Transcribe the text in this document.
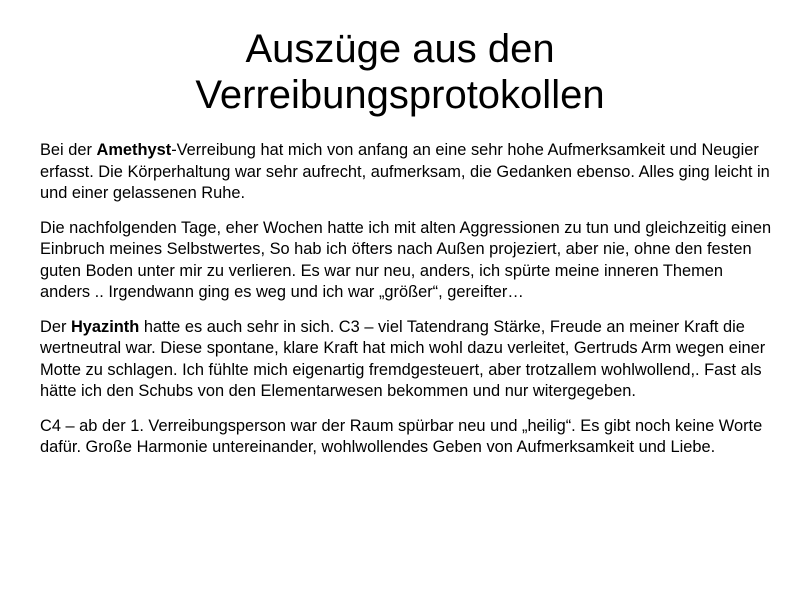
Auszüge aus den
Verreibungsprotokollen

Bei der Amethyst-Verreibung hat mich von anfang an eine sehr hohe Aufmerksamkeit und Neugier erfasst. Die Körperhaltung war sehr aufrecht, aufmerksam, die Gedanken ebenso. Alles ging leicht in und einer gelassenen Ruhe.

Die nachfolgenden Tage, eher Wochen hatte ich mit alten Aggressionen zu tun und gleichzeitig einen Einbruch meines Selbstwertes, So hab ich öfters nach Außen projeziert, aber nie, ohne den festen guten Boden unter mir zu verlieren. Es war nur neu, anders, ich spürte meine inneren Themen anders .. Irgendwann ging es weg und ich war „größer“, gereifter…

Der Hyazinth hatte es auch sehr in sich. C3 – viel Tatendrang Stärke, Freude an meiner Kraft die wertneutral war. Diese spontane, klare Kraft hat mich wohl dazu verleitet, Gertruds Arm wegen einer Motte zu schlagen. Ich fühlte mich eigenartig fremdgesteuert, aber trotzallem wohlwollend,. Fast als hätte ich den Schubs von den Elementarwesen bekommen und nur witergegeben.

C4 – ab der 1. Verreibungsperson war der Raum spürbar neu und „heilig“. Es gibt noch keine Worte dafür. Große Harmonie untereinander, wohlwollendes Geben von Aufmerksamkeit und Liebe.
